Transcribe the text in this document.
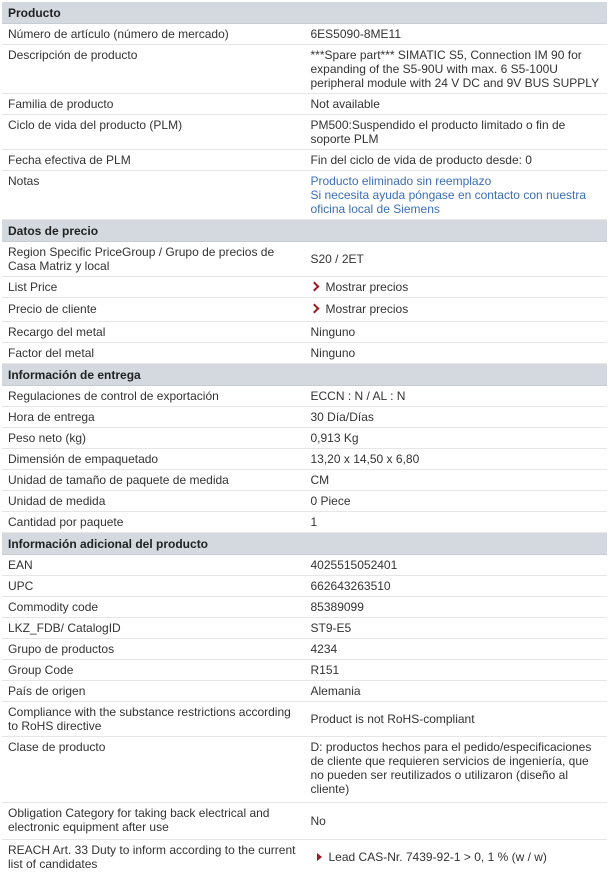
Producto	
Número de artículo (número de mercado)	6ES5090-8ME11
Descripción de producto	***Spare part*** SIMATIC S5, Connection IM 90 for expanding of the S5-90U with max. 6 S5-100U peripheral module with 24 V DC and 9V BUS SUPPLY
Familia de producto	Not available
Ciclo de vida del producto (PLM)	PM500:Suspendido el producto limitado o fin de soporte PLM
Fecha efectiva de PLM	Fin del ciclo de vida de producto desde: 0
Notas	Producto eliminado sin reemplazo
Si necesita ayuda póngase en contacto con nuestra oficina local de Siemens

Datos de precio	
Region Specific PriceGroup / Grupo de precios de Casa Matriz y local	S20 / 2ET
List Price	Mostrar precios
Precio de cliente	Mostrar precios
Recargo del metal	Ninguno
Factor del metal	Ninguno
Información de entrega	
Regulaciones de control de exportación	ECCN : N / AL : N
Hora de entrega	30 Día/Días
Peso neto (kg)	0,913 Kg
Dimensión de empaquetado	13,20 x 14,50 x 6,80
Unidad de tamaño de paquete de medida	CM
Unidad de medida	0 Piece
Cantidad por paquete	1
Información adicional del producto	
EAN	4025515052401
UPC	662643263510
Commodity code	85389099
LKZ_FDB/ CatalogID	ST9-E5
Grupo de productos	4234
Group Code	R151
País de origen	Alemania
Compliance with the substance restrictions according to RoHS directive	Product is not RoHS-compliant
Clase de producto	D: productos hechos para el pedido/especificaciones de cliente que requieren servicios de ingeniería, que no pueden ser reutilizados o utilizaron (diseño al cliente)
Obligation Category for taking back electrical and electronic equipment after use	No
REACH Art. 33 Duty to inform according to the current list of candidates	Lead CAS-Nr. 7439-92-1 > 0, 1 % (w / w)
